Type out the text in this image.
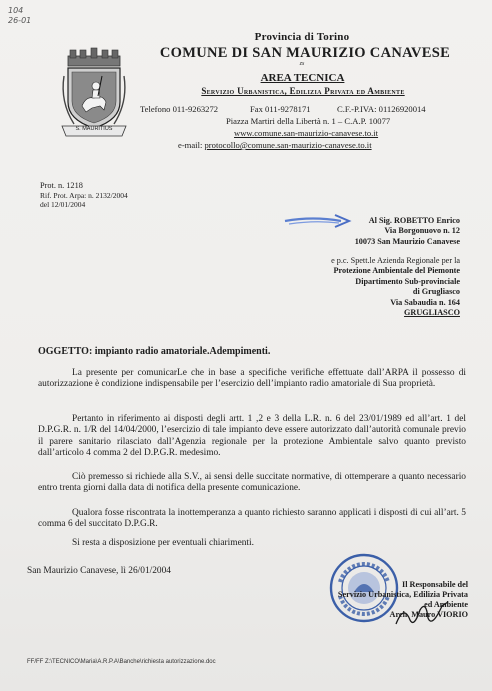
104
26-01
S. MAURITIUS
Provincia di Torino
COMUNE DI SAN MAURIZIO CANAVESE
zs
AREA TECNICA
Servizio Urbanistica, Edilizia Privata ed Ambiente
Telefono 011-9263272	Fax 011-9278171	C.F.-P.IVA: 01126920014
Piazza Martiri della Libertà n. 1 – C.A.P. 10077
www.comune.san-maurizio-canavese.to.it
e-mail: protocollo@comune.san-maurizio-canavese.to.it
Prot. n. 1218
Rif. Prot. Arpa: n. 2132/2004
del 12/01/2004
Al Sig. ROBETTO Enrico
Via Borgonuovo n. 12
10073 San Maurizio Canavese
e p.c. Spett.le Azienda Regionale per la
Protezione Ambientale del Piemonte
Dipartimento Sub-provinciale
di Grugliasco
Via Sabaudia n. 164
GRUGLIASCO
OGGETTO: impianto radio amatoriale.Adempimenti.
La presente per comunicarLe che in base a specifiche verifiche effettuate dall’ARPA il possesso di autorizzazione è condizione indispensabile per l’esercizio dell’impianto radio amatoriale di Sua proprietà.
Pertanto in riferimento ai disposti degli artt. 1 ,2 e 3 della L.R. n. 6 del 23/01/1989 ed all’art. 1 del D.P.G.R. n. 1/R del 14/04/2000, l’esercizio di tale impianto deve essere autorizzato dall’autorità comunale previo il parere sanitario rilasciato dall’Agenzia regionale per la protezione Ambientale salvo quanto previsto dall’articolo 4 comma 2 del D.P.G.R. medesimo.
Ciò premesso si richiede alla S.V., ai sensi delle succitate normative, di ottemperare a quanto necessario entro trenta giorni dalla data di notifica della presente comunicazione.
Qualora fosse riscontrata la inottemperanza a quanto richiesto saranno applicati i disposti di cui all’art. 5 comma 6 del succitato D.P.G.R.
Si resta a disposizione per eventuali chiarimenti.
San Maurizio Canavese, lì 26/01/2004
Il Responsabile del
Servizio Urbanistica, Edilizia Privata
ed Ambiente
Arch. Mauro VIORIO
FF/FF Z:\TECNICO\Maria\A.R.P.A\Banche\richiesta autorizzazione.doc
